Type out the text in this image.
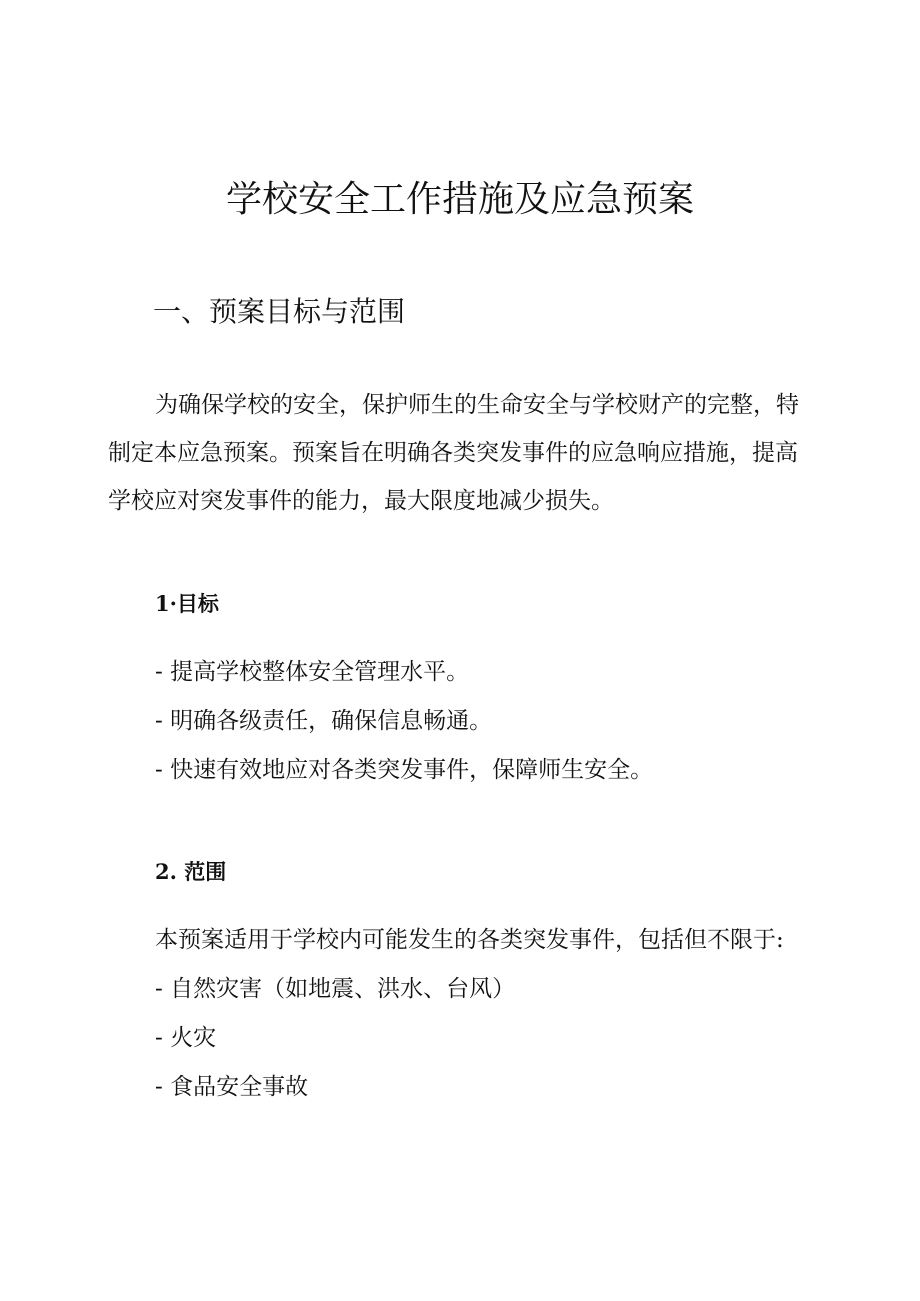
学校安全工作措施及应急预案
一、预案目标与范围

为确保学校的安全，保护师生的生命安全与学校财产的完整，特

制定本应急预案。预案旨在明确各类突发事件的应急响应措施，提高

学校应对突发事件的能力，最大限度地减少损失。

1·目标

- 提高学校整体安全管理水平。

- 明确各级责任，确保信息畅通。

- 快速有效地应对各类突发事件，保障师生安全。

2. 范围

本预案适用于学校内可能发生的各类突发事件，包括但不限于:

- 自然灾害（如地震、洪水、台风）

- 火灾

- 食品安全事故
